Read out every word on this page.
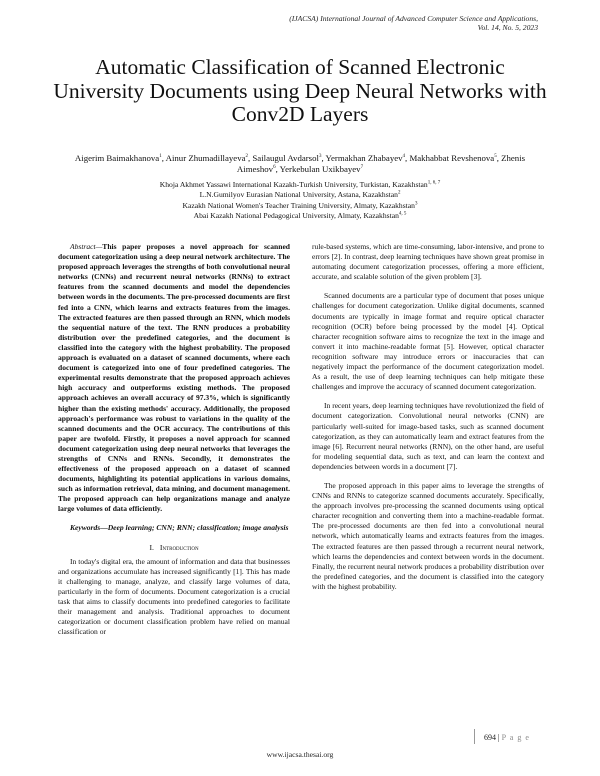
(IJACSA) International Journal of Advanced Computer Science and Applications,
Vol. 14, No. 5, 2023
Automatic Classification of Scanned Electronic University Documents using Deep Neural Networks with Conv2D Layers
Aigerim Baimakhanova$^1$, Ainur Zhumadillayeva$^2$, Sailaugul Avdarsol$^3$, Yermakhan Zhabayev$^4$, Makhabbat Revshenova$^5$, Zhenis Aimeshov$^6$, Yerkebulan Uxikbayev$^7$
Khoja Akhmet Yassawi International Kazakh-Turkish University, Turkistan, Kazakhstan$^{1, 6, 7}$
L.N.Gumilyov Eurasian National University, Astana, Kazakhstan$^2$
Kazakh National Women's Teacher Training University, Almaty, Kazakhstan$^3$
Abai Kazakh National Pedagogical University, Almaty, Kazakhstan$^{4, 5}$

Abstract—This paper proposes a novel approach for scanned document categorization using a deep neural network architecture. The proposed approach leverages the strengths of both convolutional neural networks (CNNs) and recurrent neural networks (RNNs) to extract features from the scanned documents and model the dependencies between words in the documents. The pre-processed documents are first fed into a CNN, which learns and extracts features from the images. The extracted features are then passed through an RNN, which models the sequential nature of the text. The RNN produces a probability distribution over the predefined categories, and the document is classified into the category with the highest probability. The proposed approach is evaluated on a dataset of scanned documents, where each document is categorized into one of four predefined categories. The experimental results demonstrate that the proposed approach achieves high accuracy and outperforms existing methods. The proposed approach achieves an overall accuracy of 97.3%, which is significantly higher than the existing methods' accuracy. Additionally, the proposed approach's performance was robust to variations in the quality of the scanned documents and the OCR accuracy. The contributions of this paper are twofold. Firstly, it proposes a novel approach for scanned document categorization using deep neural networks that leverages the strengths of CNNs and RNNs. Secondly, it demonstrates the effectiveness of the proposed approach on a dataset of scanned documents, highlighting its potential applications in various domains, such as information retrieval, data mining, and document management. The proposed approach can help organizations manage and analyze large volumes of data efficiently.

Keywords—Deep learning; CNN; RNN; classification; image analysis

I. Introduction

In today's digital era, the amount of information and data that businesses and organizations accumulate has increased significantly [1]. This has made it challenging to manage, analyze, and classify large volumes of data, particularly in the form of documents. Document categorization is a crucial task that aims to classify documents into predefined categories to facilitate their management and analysis. Traditional approaches to document categorization or document classification problem have relied on manual classification or

rule-based systems, which are time-consuming, labor-intensive, and prone to errors [2]. In contrast, deep learning techniques have shown great promise in automating document categorization processes, offering a more efficient, accurate, and scalable solution of the given problem [3].

Scanned documents are a particular type of document that poses unique challenges for document categorization. Unlike digital documents, scanned documents are typically in image format and require optical character recognition (OCR) before being processed by the model [4]. Optical character recognition software aims to recognize the text in the image and convert it into machine-readable format [5]. However, optical character recognition software may introduce errors or inaccuracies that can negatively impact the performance of the document categorization model. As a result, the use of deep learning techniques can help mitigate these challenges and improve the accuracy of scanned document categorization.

In recent years, deep learning techniques have revolutionized the field of document categorization. Convolutional neural networks (CNN) are particularly well-suited for image-based tasks, such as scanned document categorization, as they can automatically learn and extract features from the image [6]. Recurrent neural networks (RNN), on the other hand, are useful for modeling sequential data, such as text, and can learn the context and dependencies between words in a document [7].

The proposed approach in this paper aims to leverage the strengths of CNNs and RNNs to categorize scanned documents accurately. Specifically, the approach involves pre-processing the scanned documents using optical character recognition and converting them into a machine-readable format. The pre-processed documents are then fed into a convolutional neural network, which automatically learns and extracts features from the images. The extracted features are then passed through a recurrent neural network, which learns the dependencies and context between words in the document. Finally, the recurrent neural network produces a probability distribution over the predefined categories, and the document is classified into the category with the highest probability.

694 | P a g e
www.ijacsa.thesai.org
